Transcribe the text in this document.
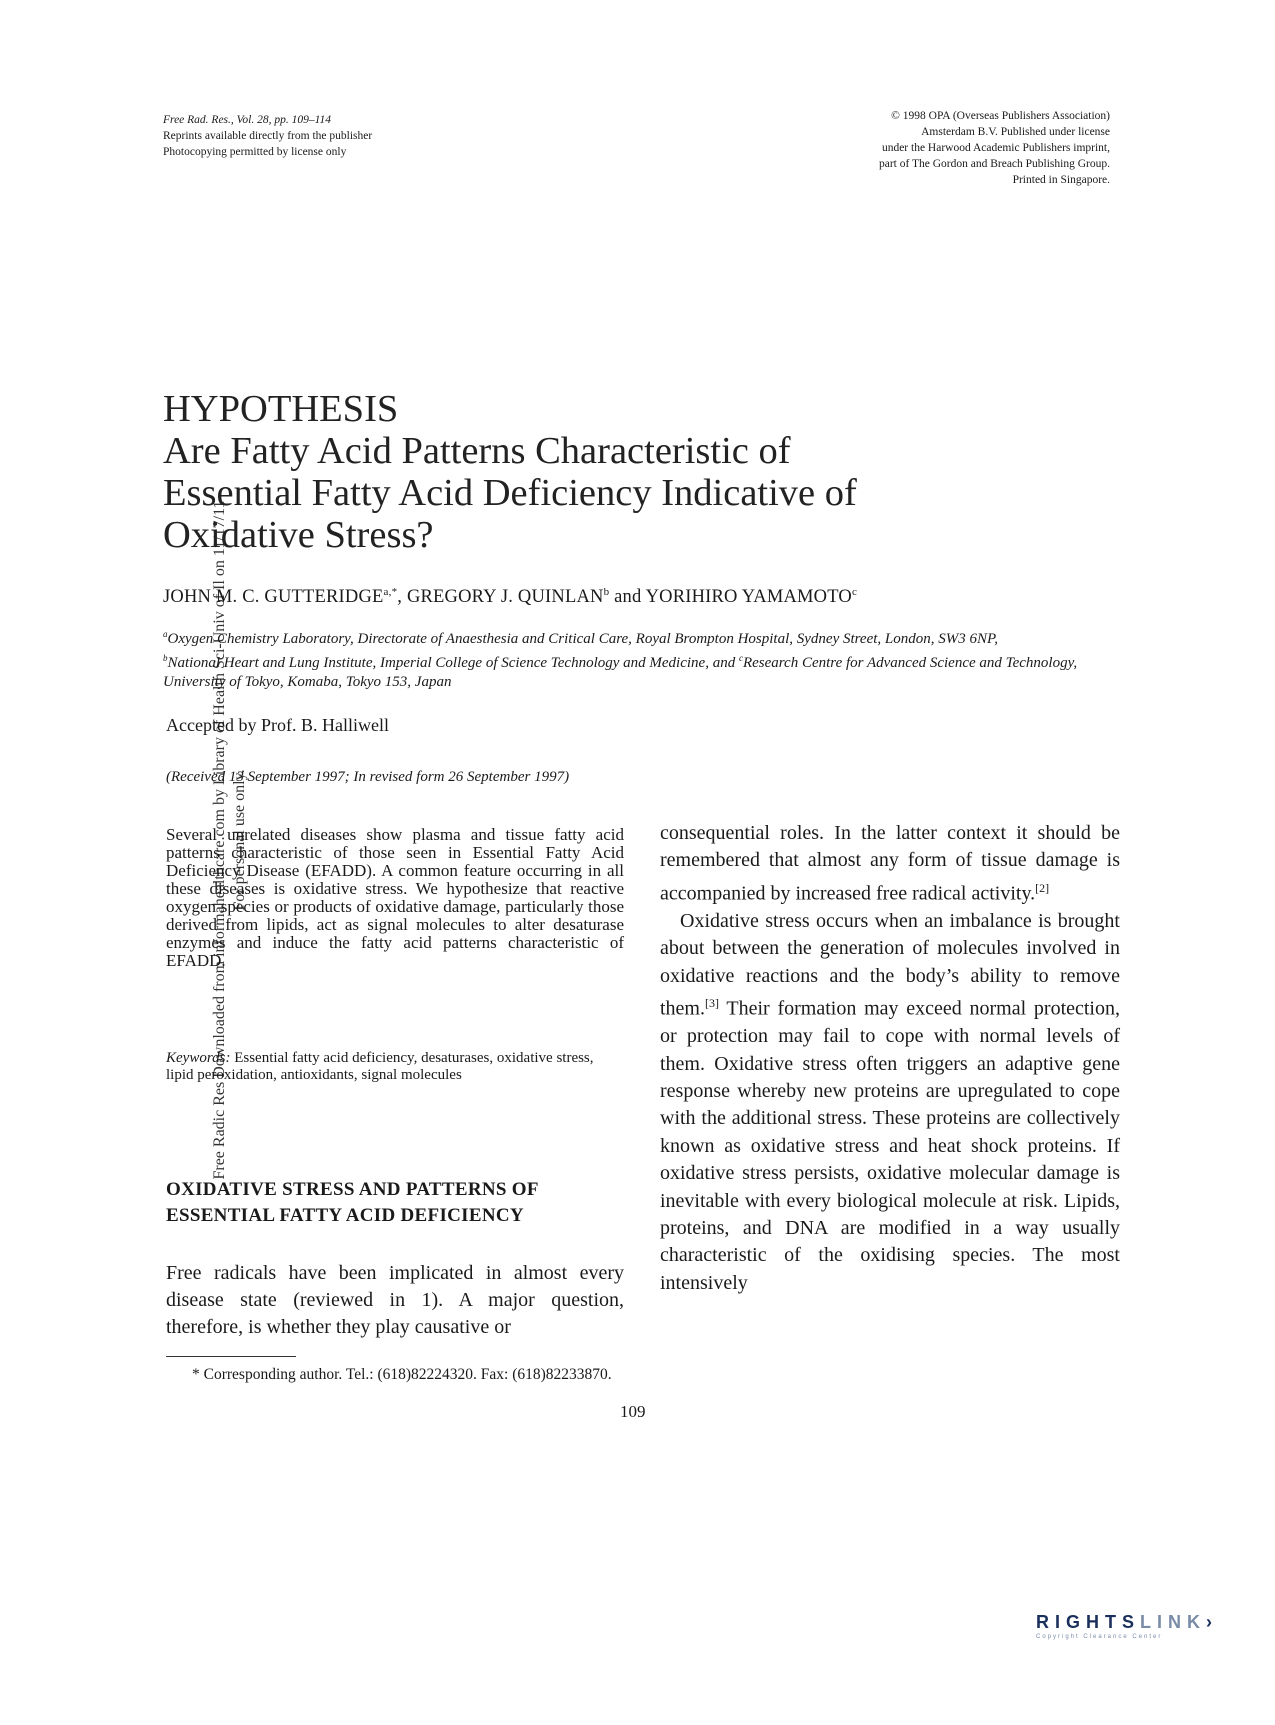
Free Rad. Res., Vol. 28, pp. 109–114
Reprints available directly from the publisher
Photocopying permitted by license only
© 1998 OPA (Overseas Publishers Association)
Amsterdam B.V. Published under license
under the Harwood Academic Publishers imprint,
part of The Gordon and Breach Publishing Group.
Printed in Singapore.
Free Radic Res Downloaded from informahealthcare.com by Library of Health Sci-Univ of Il on 11/17/11 For personal use only.
HYPOTHESIS
Are Fatty Acid Patterns Characteristic of
Essential Fatty Acid Deficiency Indicative of
Oxidative Stress?
JOHN M. C. $GUTTERIDGE^{a,*}$, GREGORY J. QUINLAN$^b$ and YORIHIRO YAMAMOTO$^c$
$^a$Oxygen Chemistry Laboratory, Directorate of Anaesthesia and Critical Care, Royal Brompton Hospital, Sydney Street, London, SW3 6NP,
$^b$National Heart and Lung Institute, Imperial College of Science Technology and Medicine, and $^c$Research Centre for Advanced Science and Technology, University of Tokyo, Komaba, Tokyo 153, Japan
Accepted by Prof. B. Halliwell
(Received 13 September 1997; In revised form 26 September 1997)
Several unrelated diseases show plasma and tissue fatty acid patterns characteristic of those seen in Essential Fatty Acid Deficiency Disease (EFADD). A common feature occurring in all these diseases is oxidative stress. We hypothesize that reactive oxygen species or products of oxidative damage, particularly those derived from lipids, act as signal molecules to alter desaturase enzymes and induce the fatty acid patterns characteristic of EFADD.
Keywords: Essential fatty acid deficiency, desaturases, oxidative stress, lipid peroxidation, antioxidants, signal molecules
OXIDATIVE STRESS AND PATTERNS OF ESSENTIAL FATTY ACID DEFICIENCY
Free radicals have been implicated in almost every disease state (reviewed in 1). A major question, therefore, is whether they play causative or

consequential roles. In the latter context it should be remembered that almost any form of tissue damage is accompanied by increased free radical activity.[2]

Oxidative stress occurs when an imbalance is brought about between the generation of molecules involved in oxidative reactions and the body’s ability to remove them.[3] Their formation may exceed normal protection, or protection may fail to cope with normal levels of them. Oxidative stress often triggers an adaptive gene response whereby new proteins are upregulated to cope with the additional stress. These proteins are collectively known as oxidative stress and heat shock proteins. If oxidative stress persists, oxidative molecular damage is inevitable with every biological molecule at risk. Lipids, proteins, and DNA are modified in a way usually characteristic of the oxidising species. The most intensively

* Corresponding author. Tel.: (618)82224320. Fax: (618)82233870.
109
RIGHTSLINK›
Copyright Clearance Center
